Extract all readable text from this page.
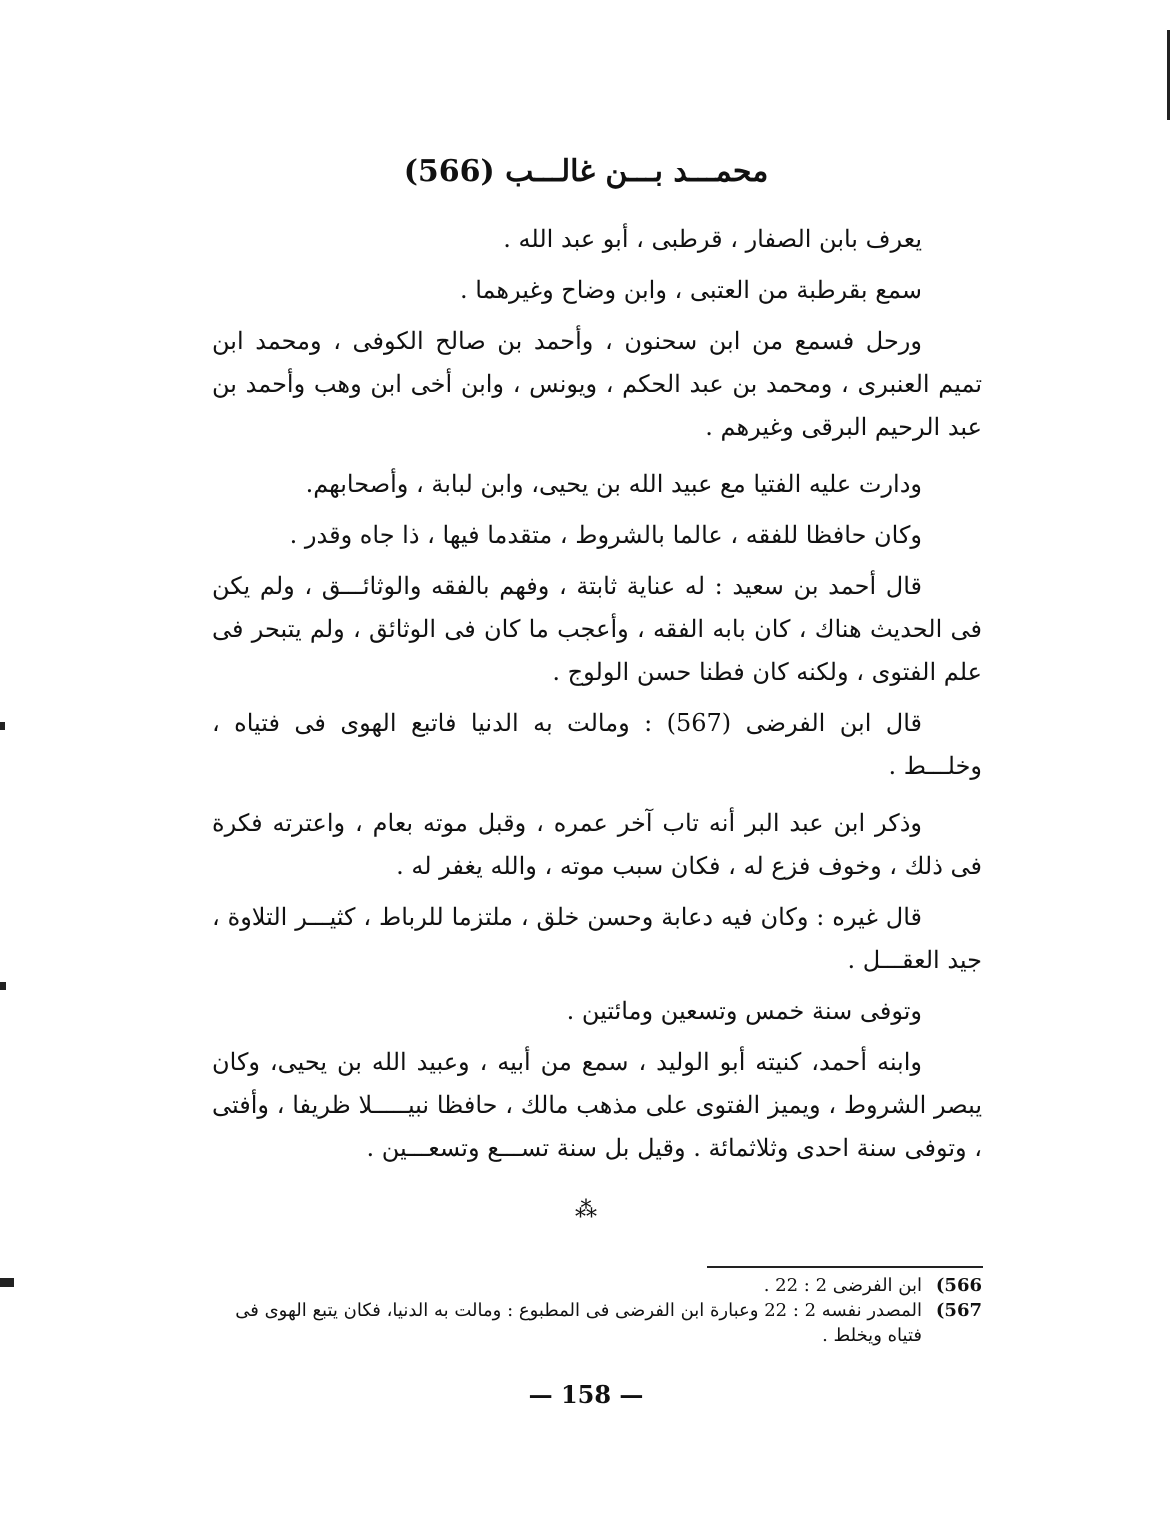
محمـــد بـــن غالـــب (566)

يعرف بابن الصفار ، قرطبى ، أبو عبد الله .

سمع بقرطبة من العتبى ، وابن وضاح وغيرهما .

ورحل فسمع من ابن سحنون ، وأحمد بن صالح الكوفى ، ومحمد ابن تميم العنبرى ، ومحمد بن عبد الحكم ، ويونس ، وابن أخى ابن وهب وأحمد بن عبد الرحيم البرقى وغيرهم .

ودارت عليه الفتيا مع عبيد الله بن يحيى، وابن لبابة ، وأصحابهم.

وكان حافظا للفقه ، عالما بالشروط ، متقدما فيها ، ذا جاه وقدر .

قال أحمد بن سعيد : له عناية ثابتة ، وفهم بالفقه والوثائـــق ، ولم يكن فى الحديث هناك ، كان بابه الفقه ، وأعجب ما كان فى الوثائق ، ولم يتبحر فى علم الفتوى ، ولكنه كان فطنا حسن الولوج .

قال ابن الفرضى (567) : ومالت به الدنيا فاتبع الهوى فى فتياه ، وخلـــط .

وذكر ابن عبد البر أنه تاب آخر عمره ، وقبل موته بعام ، واعترته فكرة فى ذلك ، وخوف فزع له ، فكان سبب موته ، والله يغفر له .

قال غيره : وكان فيه دعابة وحسن خلق ، ملتزما للرباط ، كثيـــر التلاوة ، جيد العقـــل .

وتوفى سنة خمس وتسعين ومائتين .

وابنه أحمد، كنيته أبو الوليد ، سمع من أبيه ، وعبيد الله بن يحيى، وكان يبصر الشروط ، ويميز الفتوى على مذهب مالك ، حافظا نبيـــــلا ظريفا ، وأفتى ، وتوفى سنة احدى وثلاثمائة . وقيل بل سنة تســـع وتسعـــين .

⁂
(566
ابن الفرضى 2 : 22 .
(567
المصدر نفسه 2 : 22 وعبارة ابن الفرضى فى المطبوع : ومالت به الدنيا، فكان يتبع الهوى فى فتياه ويخلط .
— 158 —
